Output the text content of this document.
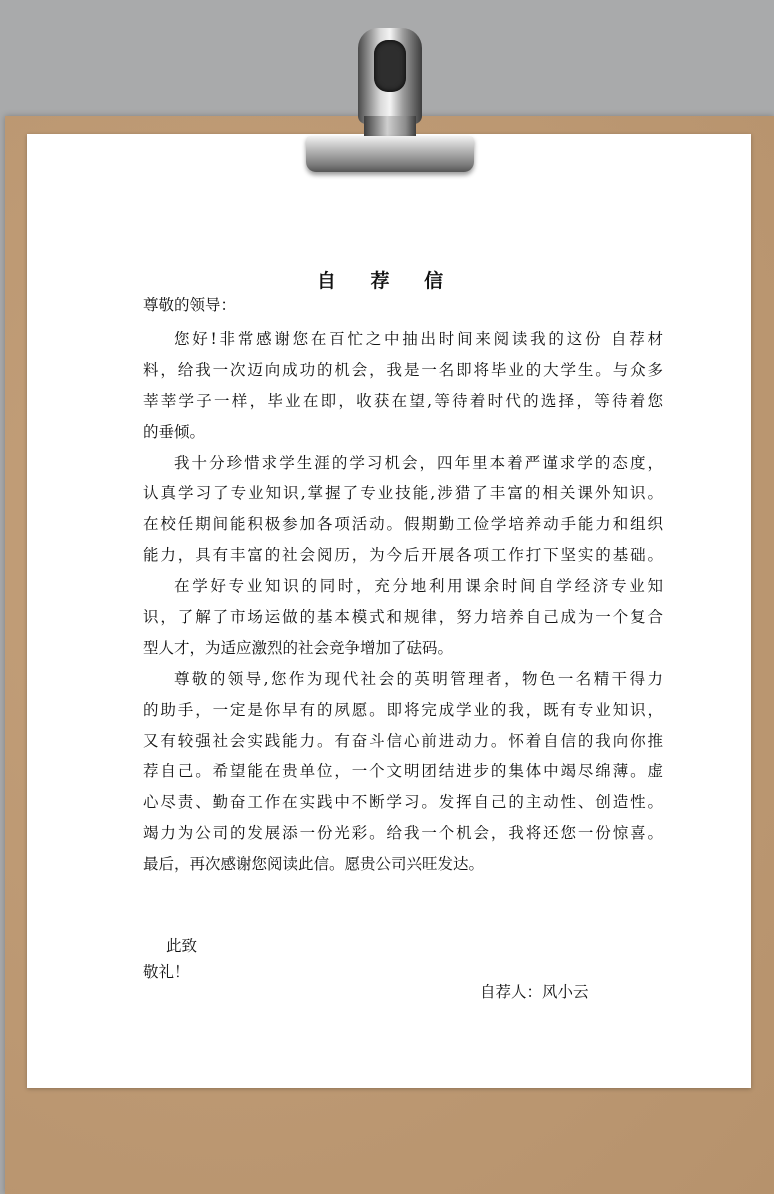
自 荐 信
尊敬的领导：
您好!非常感谢您在百忙之中抽出时间来阅读我的这份 自荐材
料，给我一次迈向成功的机会，我是一名即将毕业的大学生。与众多
莘莘学子一样，毕业在即，收获在望,等待着时代的选择，等待着您
的垂倾。
我十分珍惜求学生涯的学习机会，四年里本着严谨求学的态度，
认真学习了专业知识,掌握了专业技能,涉猎了丰富的相关课外知识。
在校任期间能积极参加各项活动。假期勤工俭学培养动手能力和组织
能力，具有丰富的社会阅历，为今后开展各项工作打下坚实的基础。
在学好专业知识的同时，充分地利用课余时间自学经济专业知
识，了解了市场运做的基本模式和规律，努力培养自己成为一个复合
型人才，为适应激烈的社会竞争增加了砝码。
尊敬的领导,您作为现代社会的英明管理者，物色一名精干得力
的助手，一定是你早有的夙愿。即将完成学业的我，既有专业知识，
又有较强社会实践能力。有奋斗信心前进动力。怀着自信的我向你推
荐自己。希望能在贵单位，一个文明团结进步的集体中竭尽绵薄。虚
心尽责、勤奋工作在实践中不断学习。发挥自己的主动性、创造性。
竭力为公司的发展添一份光彩。给我一个机会，我将还您一份惊喜。
最后，再次感谢您阅读此信。愿贵公司兴旺发达。
此致
敬礼！
自荐人：风小云
